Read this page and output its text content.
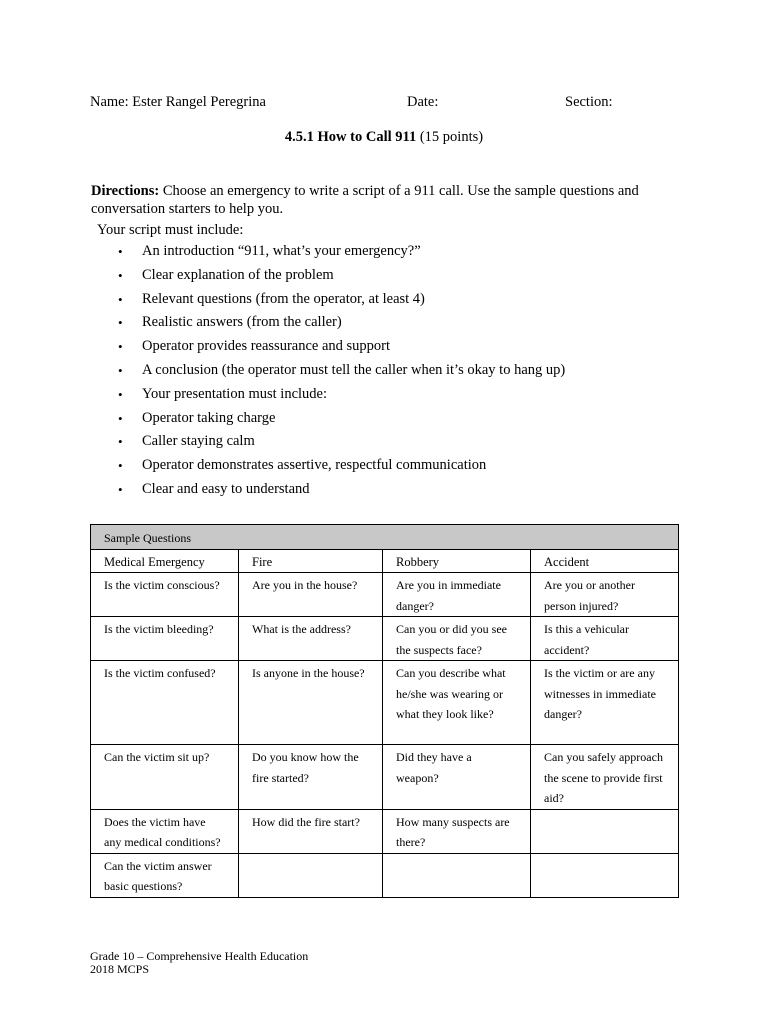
Name: Ester Rangel Peregrina	Date:	Section:
4.5.1 How to Call 911 (15 points)
Directions: Choose an emergency to write a script of a 911 call. Use the sample questions and conversation starters to help you.
Your script must include:
• An introduction “911, what’s your emergency?”
• Clear explanation of the problem
• Relevant questions (from the operator, at least 4)
• Realistic answers (from the caller)
• Operator provides reassurance and support
• A conclusion (the operator must tell the caller when it’s okay to hang up)
• Your presentation must include:
• Operator taking charge
• Caller staying calm
• Operator demonstrates assertive, respectful communication
• Clear and easy to understand
Sample Questions			
Medical Emergency	Fire	Robbery	Accident
Is the victim conscious?	Are you in the house?	Are you in immediate danger?	Are you or another person injured?
Is the victim bleeding?	What is the address?	Can you or did you see the suspects face?	Is this a vehicular accident?
Is the victim confused?	Is anyone in the house?	Can you describe what he/she was wearing or what they look like?	Is the victim or are any witnesses in immediate danger?
Can the victim sit up?	Do you know how the fire started?	Did they have a weapon?	Can you safely approach the scene to provide first aid?
Does the victim have any medical conditions?	How did the fire start?	How many suspects are there?	
Can the victim answer basic questions?			
Grade 10 – Comprehensive Health Education
2018 MCPS
